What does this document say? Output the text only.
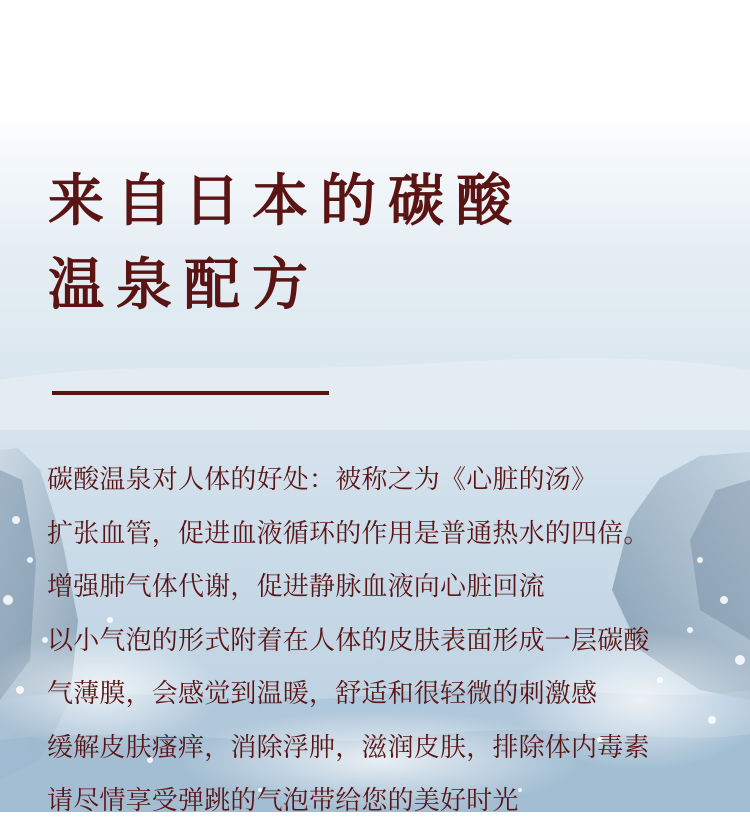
来自日本的碳酸
温泉配方
碳酸温泉对人体的好处：被称之为《心脏的汤》
扩张血管，促进血液循环的作用是普通热水的四倍。
增强肺气体代谢，促进静脉血液向心脏回流
以小气泡的形式附着在人体的皮肤表面形成一层碳酸
气薄膜，会感觉到温暖，舒适和很轻微的刺激感
缓解皮肤瘙痒，消除浮肿，滋润皮肤，排除体内毒素
请尽情享受弹跳的气泡带给您的美好时光
